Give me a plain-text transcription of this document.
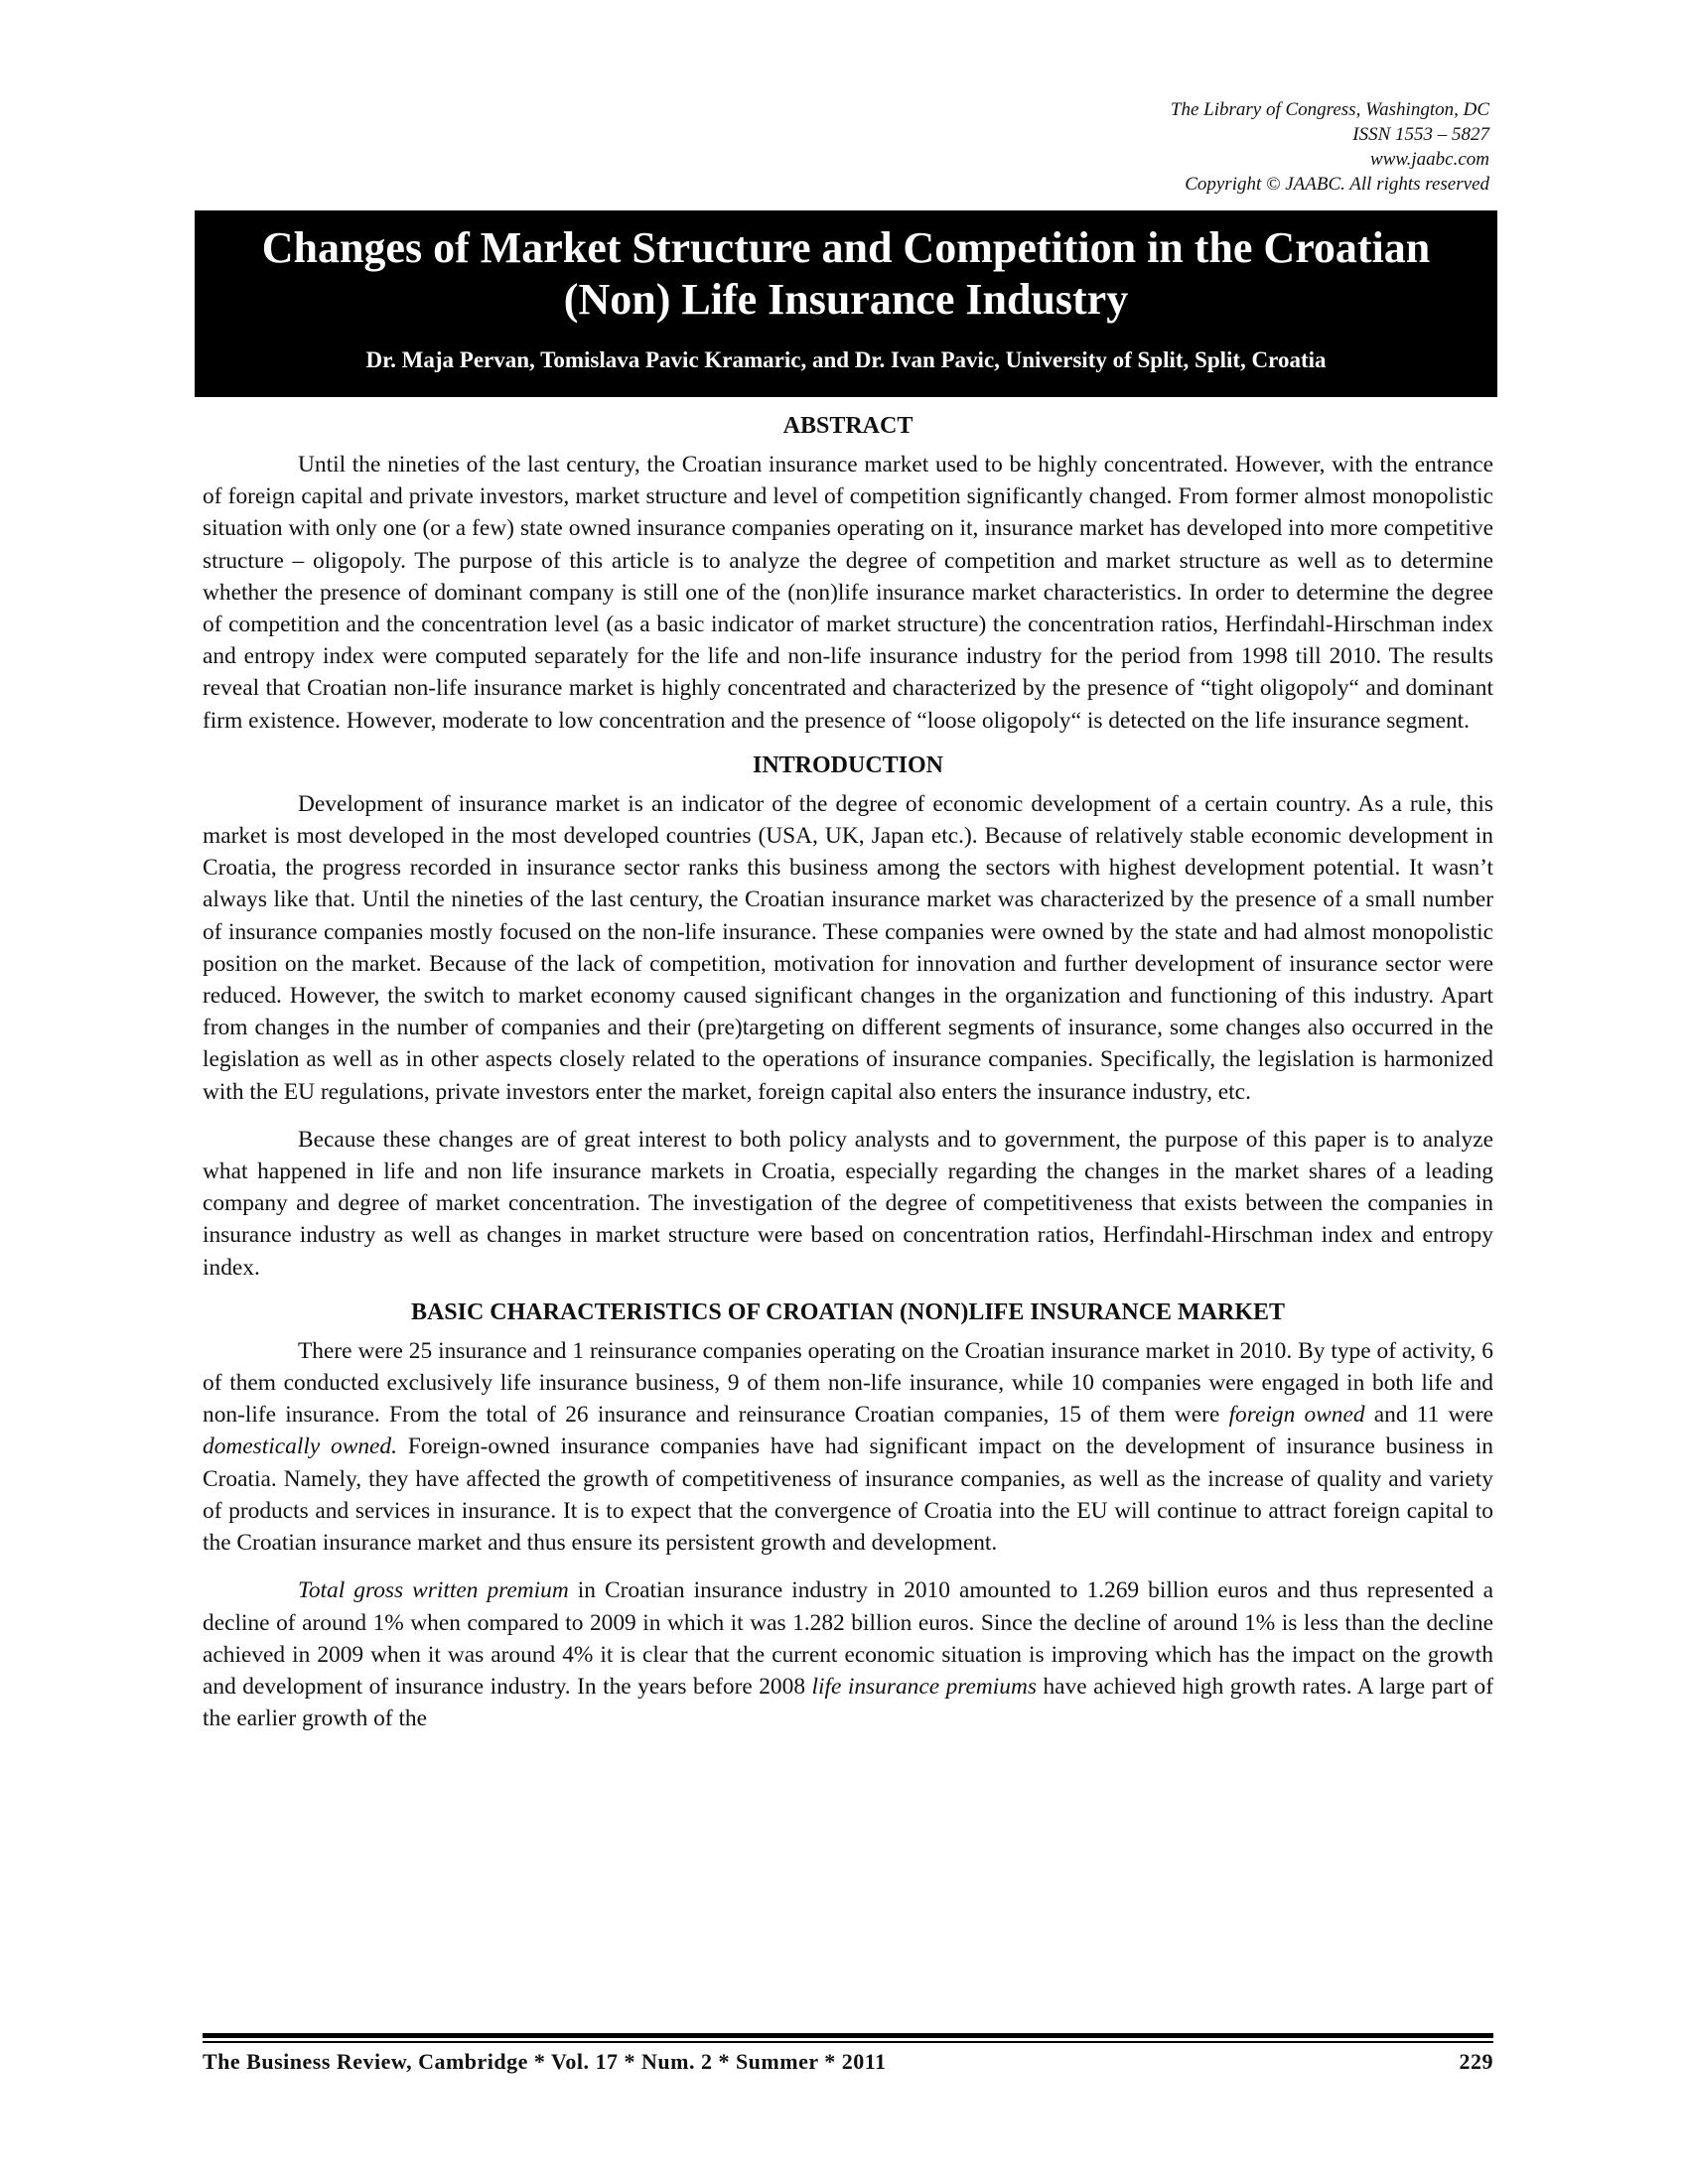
The Library of Congress, Washington, DC
ISSN 1553 – 5827
www.jaabc.com
Copyright © JAABC. All rights reserved
Changes of Market Structure and Competition in the Croatian
(Non) Life Insurance Industry
Dr. Maja Pervan, Tomislava Pavic Kramaric, and Dr. Ivan Pavic, University of Split, Split, Croatia
ABSTRACT

Until the nineties of the last century, the Croatian insurance market used to be highly concentrated. However, with the entrance of foreign capital and private investors, market structure and level of competition significantly changed. From former almost monopolistic situation with only one (or a few) state owned insurance companies operating on it, insurance market has developed into more competitive structure – oligopoly. The purpose of this article is to analyze the degree of competition and market structure as well as to determine whether the presence of dominant company is still one of the (non)life insurance market characteristics. In order to determine the degree of competition and the concentration level (as a basic indicator of market structure) the concentration ratios, Herfindahl-Hirschman index and entropy index were computed separately for the life and non-life insurance industry for the period from 1998 till 2010. The results reveal that Croatian non-life insurance market is highly concentrated and characterized by the presence of “tight oligopoly“ and dominant firm existence. However, moderate to low concentration and the presence of “loose oligopoly“ is detected on the life insurance segment.

INTRODUCTION

Development of insurance market is an indicator of the degree of economic development of a certain country. As a rule, this market is most developed in the most developed countries (USA, UK, Japan etc.). Because of relatively stable economic development in Croatia, the progress recorded in insurance sector ranks this business among the sectors with highest development potential. It wasn’t always like that. Until the nineties of the last century, the Croatian insurance market was characterized by the presence of a small number of insurance companies mostly focused on the non-life insurance. These companies were owned by the state and had almost monopolistic position on the market. Because of the lack of competition, motivation for innovation and further development of insurance sector were reduced. However, the switch to market economy caused significant changes in the organization and functioning of this industry. Apart from changes in the number of companies and their (pre)targeting on different segments of insurance, some changes also occurred in the legislation as well as in other aspects closely related to the operations of insurance companies. Specifically, the legislation is harmonized with the EU regulations, private investors enter the market, foreign capital also enters the insurance industry, etc.

Because these changes are of great interest to both policy analysts and to government, the purpose of this paper is to analyze what happened in life and non life insurance markets in Croatia, especially regarding the changes in the market shares of a leading company and degree of market concentration. The investigation of the degree of competitiveness that exists between the companies in insurance industry as well as changes in market structure were based on concentration ratios, Herfindahl-Hirschman index and entropy index.

BASIC CHARACTERISTICS OF CROATIAN (NON)LIFE INSURANCE MARKET

There were 25 insurance and 1 reinsurance companies operating on the Croatian insurance market in 2010. By type of activity, 6 of them conducted exclusively life insurance business, 9 of them non-life insurance, while 10 companies were engaged in both life and non-life insurance. From the total of 26 insurance and reinsurance Croatian companies, 15 of them were foreign owned and 11 were domestically owned. Foreign-owned insurance companies have had significant impact on the development of insurance business in Croatia. Namely, they have affected the growth of competitiveness of insurance companies, as well as the increase of quality and variety of products and services in insurance. It is to expect that the convergence of Croatia into the EU will continue to attract foreign capital to the Croatian insurance market and thus ensure its persistent growth and development.

Total gross written premium in Croatian insurance industry in 2010 amounted to 1.269 billion euros and thus represented a decline of around 1% when compared to 2009 in which it was 1.282 billion euros. Since the decline of around 1% is less than the decline achieved in 2009 when it was around 4% it is clear that the current economic situation is improving which has the impact on the growth and development of insurance industry. In the years before 2008 life insurance premiums have achieved high growth rates. A large part of the earlier growth of the

The Business Review, Cambridge * Vol. 17 * Num. 2 * Summer * 2011	229
